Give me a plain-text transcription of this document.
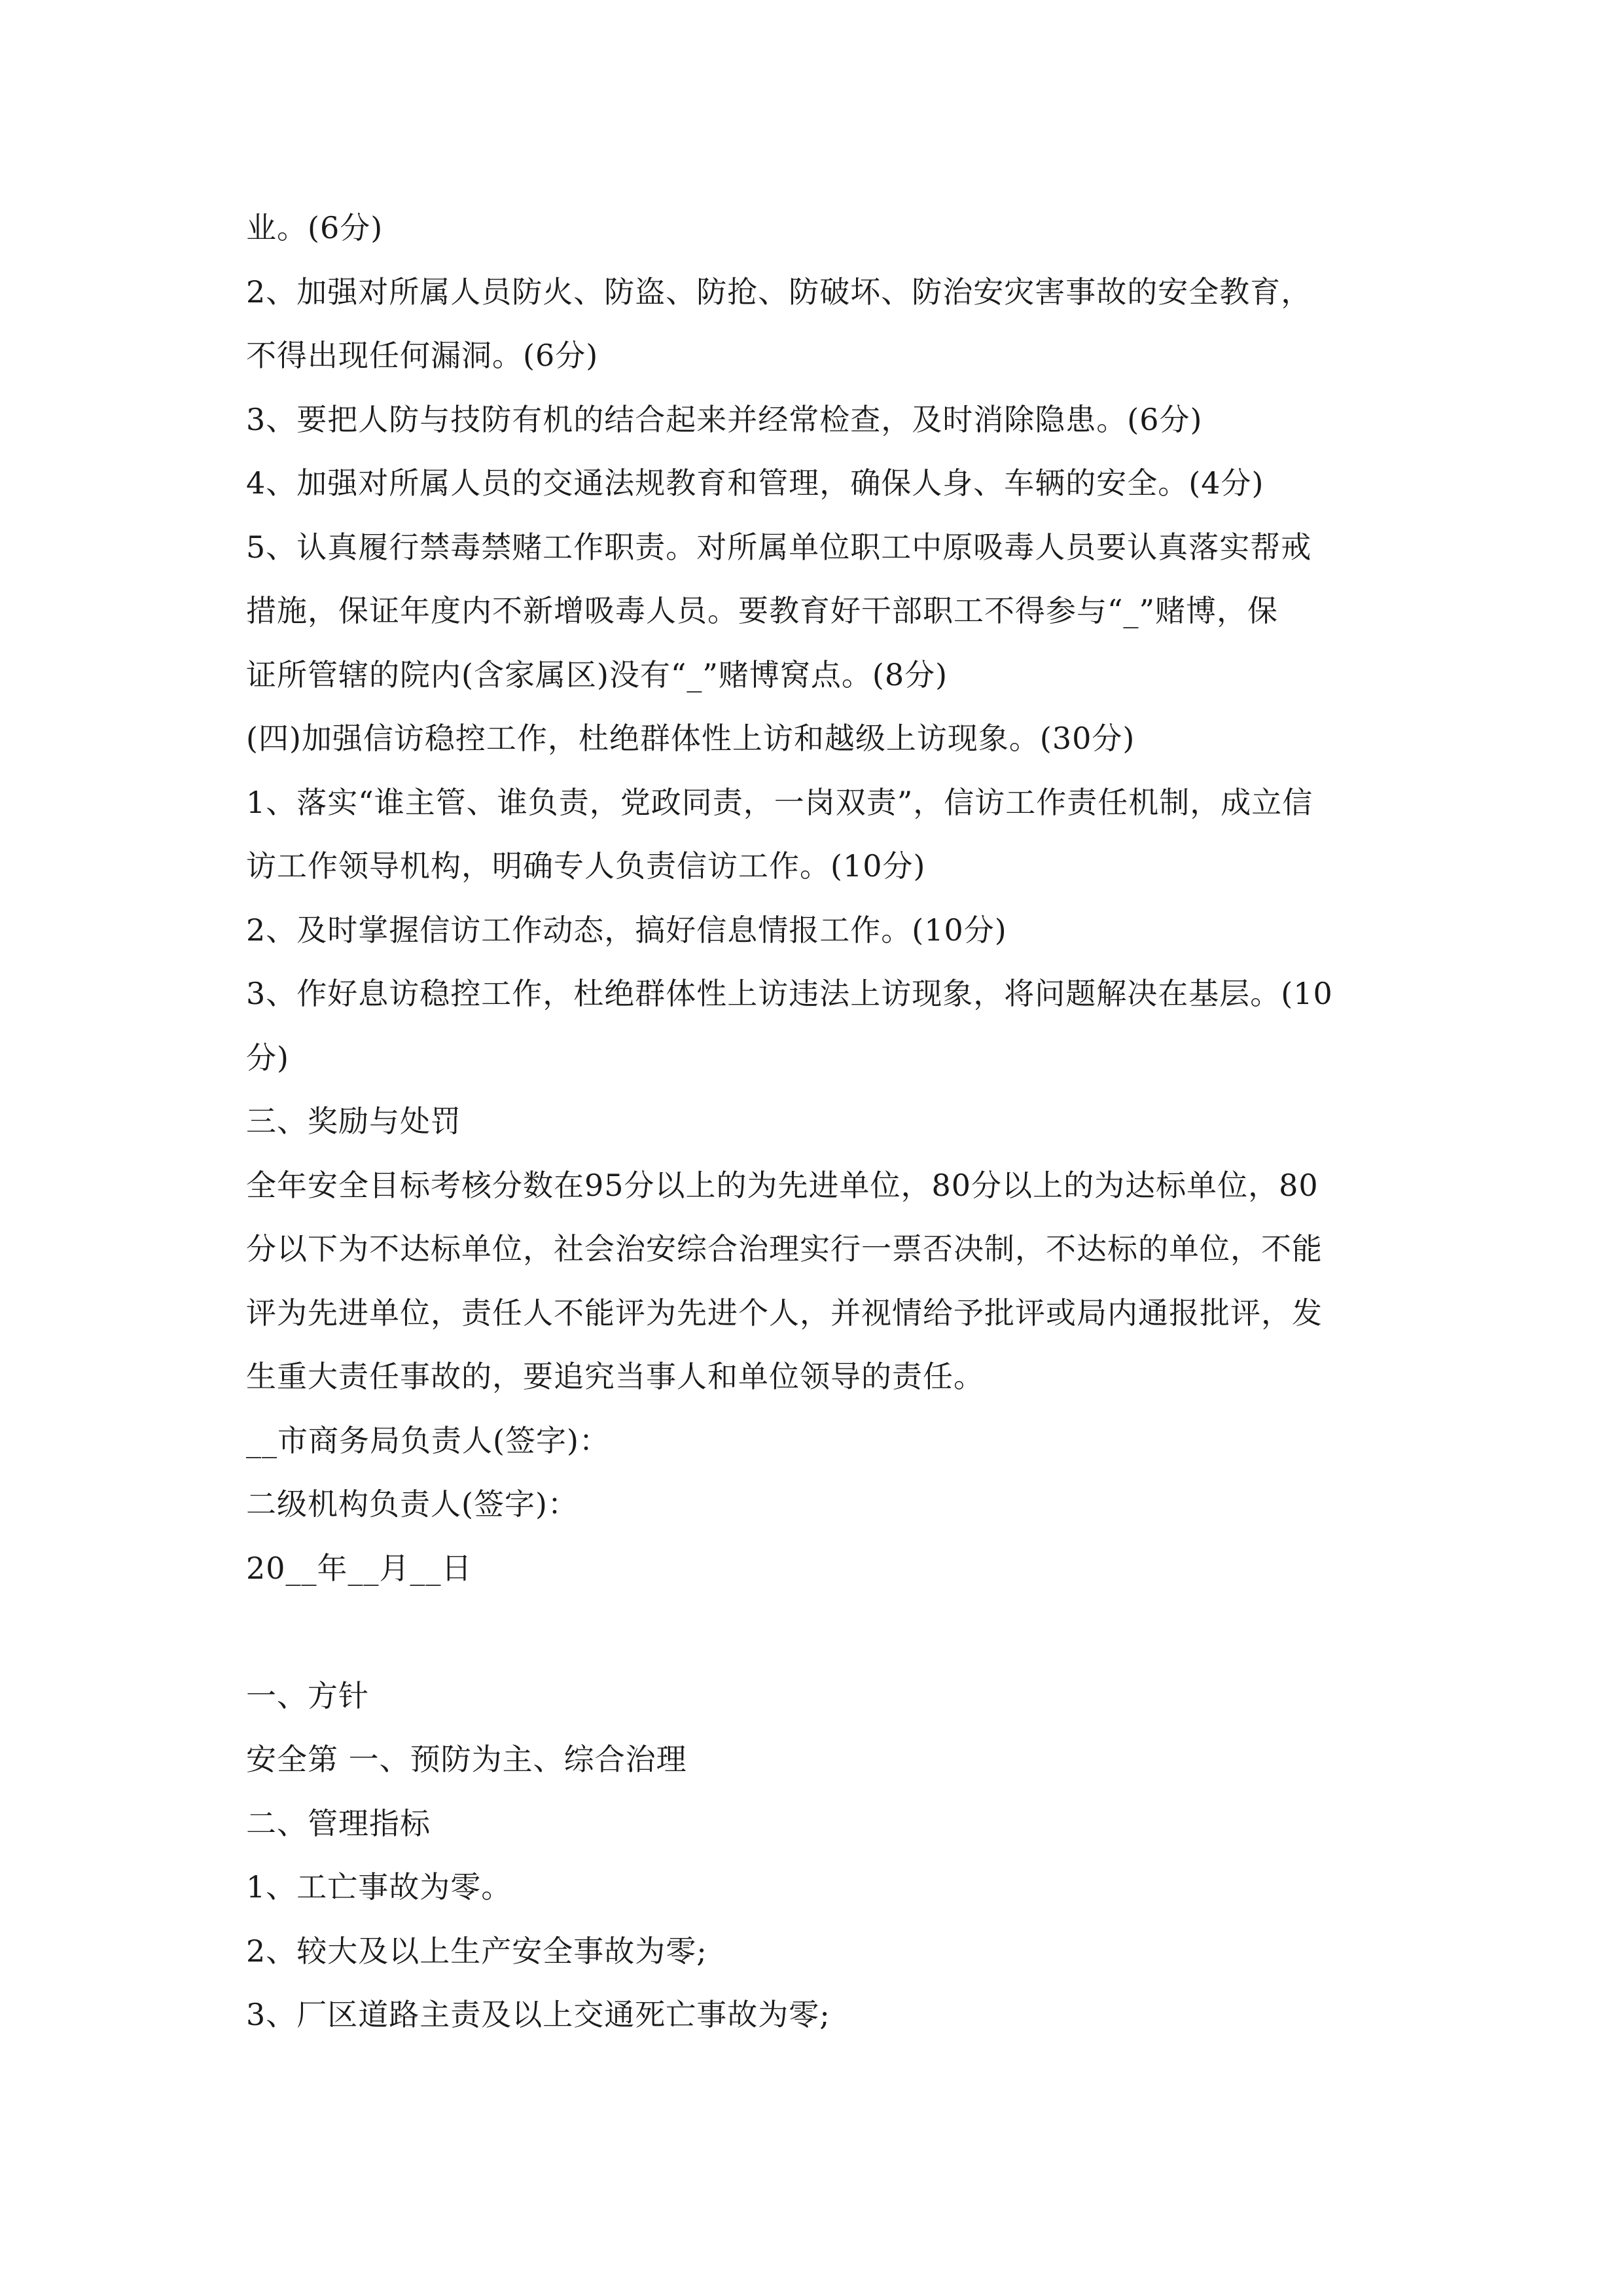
业。(6分)
2、加强对所属人员防火、防盗、防抢、防破坏、防治安灾害事故的安全教育，
不得出现任何漏洞。(6分)
3、要把人防与技防有机的结合起来并经常检查，及时消除隐患。(6分)
4、加强对所属人员的交通法规教育和管理，确保人身、车辆的安全。(4分)
5、认真履行禁毒禁赌工作职责。对所属单位职工中原吸毒人员要认真落实帮戒
措施，保证年度内不新增吸毒人员。要教育好干部职工不得参与“_”赌博，保
证所管辖的院内(含家属区)没有“_”赌博窝点。(8分)
(四)加强信访稳控工作，杜绝群体性上访和越级上访现象。(30分)
1、落实“谁主管、谁负责，党政同责，一岗双责”，信访工作责任机制，成立信
访工作领导机构，明确专人负责信访工作。(10分)
2、及时掌握信访工作动态，搞好信息情报工作。(10分)
3、作好息访稳控工作，杜绝群体性上访违法上访现象，将问题解决在基层。(10
分)
三、奖励与处罚
全年安全目标考核分数在95分以上的为先进单位，80分以上的为达标单位，80
分以下为不达标单位，社会治安综合治理实行一票否决制，不达标的单位，不能
评为先进单位，责任人不能评为先进个人，并视情给予批评或局内通报批评，发
生重大责任事故的，要追究当事人和单位领导的责任。
__市商务局负责人(签字)：
二级机构负责人(签字)：
20__年__月__日
一、方针
安全第 一、预防为主、综合治理
二、管理指标
1、工亡事故为零。
2、较大及以上生产安全事故为零;
3、厂区道路主责及以上交通死亡事故为零;
